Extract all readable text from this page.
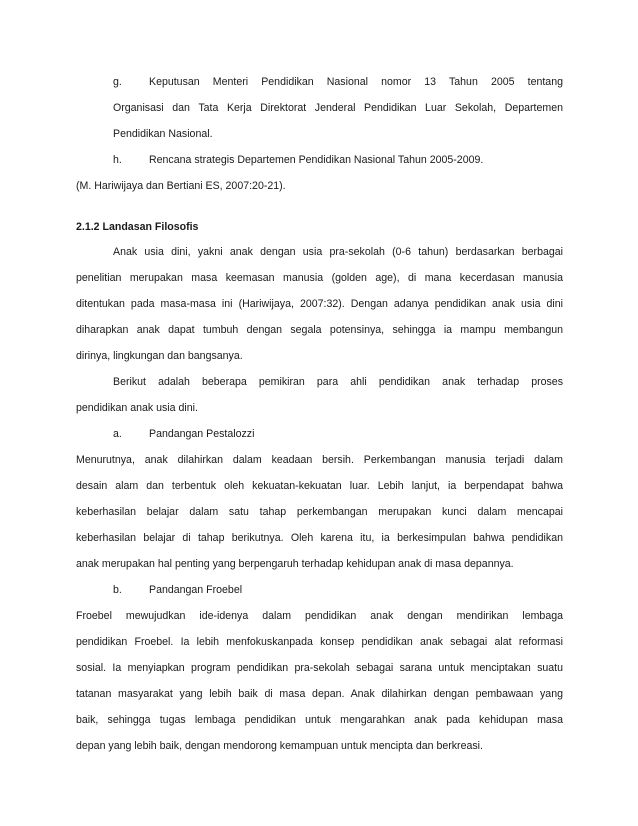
g.	Keputusan Menteri Pendidikan Nasional nomor 13 Tahun 2005 tentang
Organisasi dan Tata Kerja Direktorat Jenderal Pendidikan Luar Sekolah, Departemen
Pendidikan Nasional.
h.	Rencana strategis Departemen Pendidikan Nasional Tahun 2005-2009.
(M. Hariwijaya dan Bertiani ES, 2007:20-21).
2.1.2 Landasan Filosofis
Anak usia dini, yakni anak dengan usia pra-sekolah (0-6 tahun) berdasarkan berbagai
penelitian merupakan masa keemasan manusia (golden age), di mana kecerdasan manusia
ditentukan pada masa-masa ini (Hariwijaya, 2007:32). Dengan adanya pendidikan anak usia dini
diharapkan anak dapat tumbuh dengan segala potensinya, sehingga ia mampu membangun
dirinya, lingkungan dan bangsanya.
Berikut adalah beberapa pemikiran para ahli pendidikan anak terhadap proses
pendidikan anak usia dini.
a.	Pandangan Pestalozzi
Menurutnya, anak dilahirkan dalam keadaan bersih. Perkembangan manusia terjadi dalam
desain alam dan terbentuk oleh kekuatan-kekuatan luar. Lebih lanjut, ia berpendapat bahwa
keberhasilan belajar dalam satu tahap perkembangan merupakan kunci dalam mencapai
keberhasilan belajar di tahap berikutnya. Oleh karena itu, ia berkesimpulan bahwa pendidikan
anak merupakan hal penting yang berpengaruh terhadap kehidupan anak di masa depannya.
b.	Pandangan Froebel
Froebel mewujudkan ide-idenya dalam pendidikan anak dengan mendirikan lembaga
pendidikan Froebel. Ia lebih menfokuskanpada konsep pendidikan anak sebagai alat reformasi
sosial. Ia menyiapkan program pendidikan pra-sekolah sebagai sarana untuk menciptakan suatu
tatanan masyarakat yang lebih baik di masa depan. Anak dilahirkan dengan pembawaan yang
baik, sehingga tugas lembaga pendidikan untuk mengarahkan anak pada kehidupan masa
depan yang lebih baik, dengan mendorong kemampuan untuk mencipta dan berkreasi.
